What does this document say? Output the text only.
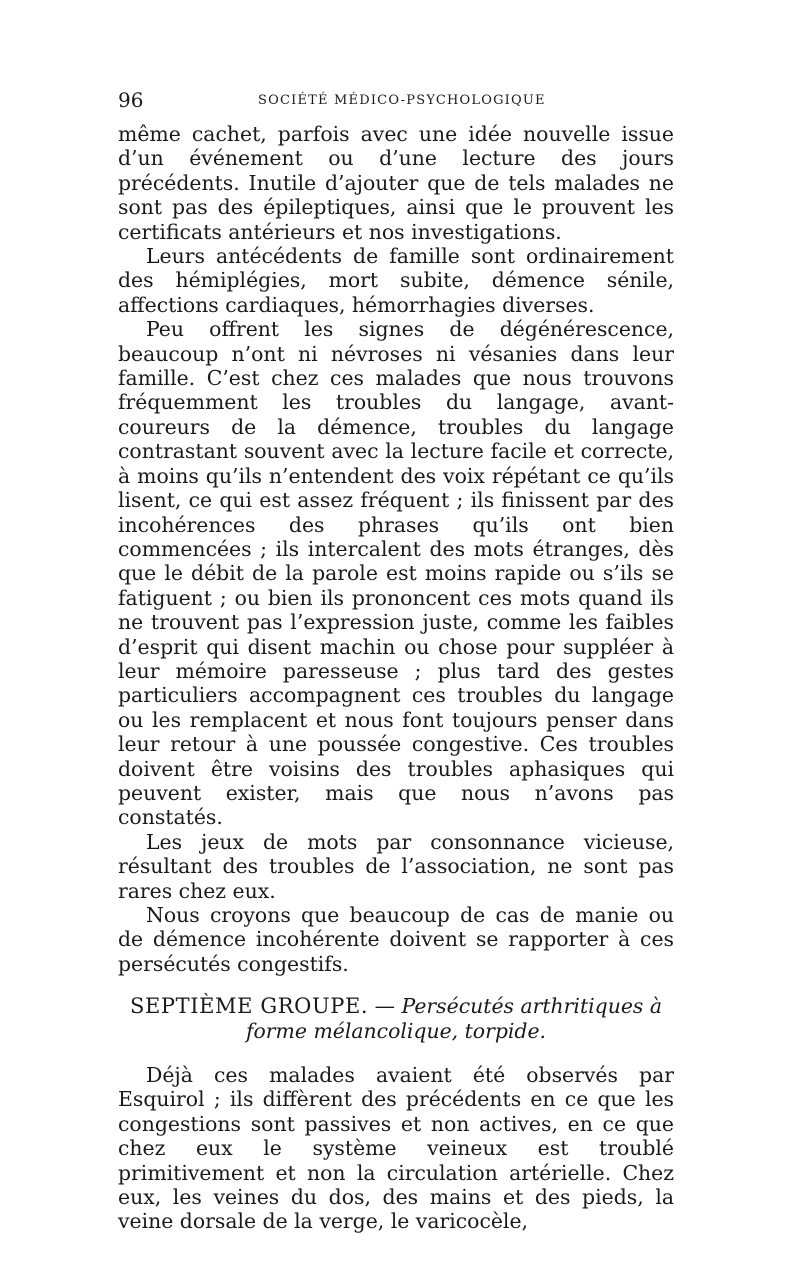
96	SOCIÉTÉ MÉDICO-PSYCHOLOGIQUE

même cachet, parfois avec une idée nouvelle issue d’un événement ou d’une lecture des jours précédents. Inutile d’ajouter que de tels malades ne sont pas des épileptiques, ainsi que le prouvent les certificats antérieurs et nos investigations.

Leurs antécédents de famille sont ordinairement des hémiplégies, mort subite, démence sénile, affections cardiaques, hémorrhagies diverses.

Peu offrent les signes de dégénérescence, beaucoup n’ont ni névroses ni vésanies dans leur famille. C’est chez ces malades que nous trouvons fréquemment les troubles du langage, avant-coureurs de la démence, troubles du langage contrastant souvent avec la lecture facile et correcte, à moins qu’ils n’entendent des voix répétant ce qu’ils lisent, ce qui est assez fréquent ; ils finissent par des incohérences des phrases qu’ils ont bien commencées ; ils intercalent des mots étranges, dès que le débit de la parole est moins rapide ou s’ils se fatiguent ; ou bien ils prononcent ces mots quand ils ne trouvent pas l’expression juste, comme les faibles d’esprit qui disent machin ou chose pour suppléer à leur mémoire paresseuse ; plus tard des gestes particuliers accompagnent ces troubles du langage ou les remplacent et nous font toujours penser dans leur retour à une poussée congestive. Ces troubles doivent être voisins des troubles aphasiques qui peuvent exister, mais que nous n’avons pas constatés.

Les jeux de mots par consonnance vicieuse, résultant des troubles de l’association, ne sont pas rares chez eux.

Nous croyons que beaucoup de cas de manie ou de démence incohérente doivent se rapporter à ces persécutés congestifs.

SEPTIÈME GROUPE. — Persécutés arthritiques à forme mélancolique, torpide.

Déjà ces malades avaient été observés par Esquirol ; ils diffèrent des précédents en ce que les congestions sont passives et non actives, en ce que chez eux le système veineux est troublé primitivement et non la circulation artérielle. Chez eux, les veines du dos, des mains et des pieds, la veine dorsale de la verge, le varicocèle,
